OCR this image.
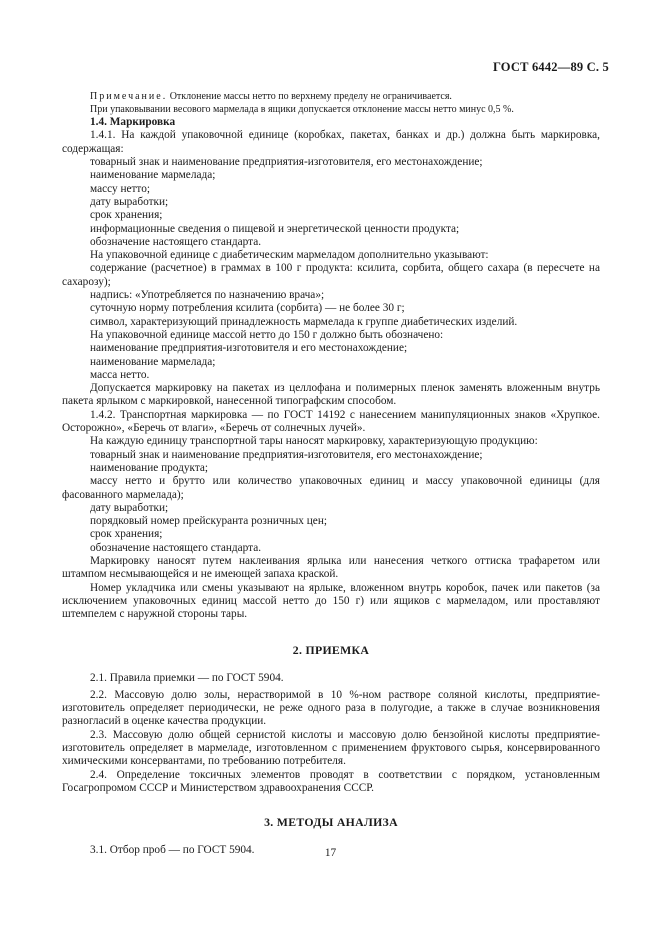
ГОСТ 6442—89 С. 5

Примечание. Отклонение массы нетто по верхнему пределу не ограничивается.

При упаковывании весового мармелада в ящики допускается отклонение массы нетто минус 0,5 %.

1.4. Маркировка

1.4.1. На каждой упаковочной единице (коробках, пакетах, банках и др.) должна быть маркировка, содержащая:

товарный знак и наименование предприятия-изготовителя, его местонахождение;

наименование мармелада;

массу нетто;

дату выработки;

срок хранения;

информационные сведения о пищевой и энергетической ценности продукта;

обозначение настоящего стандарта.

На упаковочной единице с диабетическим мармеладом дополнительно указывают:

содержание (расчетное) в граммах в 100 г продукта: ксилита, сорбита, общего сахара (в пересчете на сахарозу);

надпись: «Употребляется по назначению врача»;

суточную норму потребления ксилита (сорбита) — не более 30 г;

символ, характеризующий принадлежность мармелада к группе диабетических изделий.

На упаковочной единице массой нетто до 150 г должно быть обозначено:

наименование предприятия-изготовителя и его местонахождение;

наименование мармелада;

масса нетто.

Допускается маркировку на пакетах из целлофана и полимерных пленок заменять вложенным внутрь пакета ярлыком с маркировкой, нанесенной типографским способом.

1.4.2. Транспортная маркировка — по ГОСТ 14192 с нанесением манипуляционных знаков «Хрупкое. Осторожно», «Беречь от влаги», «Беречь от солнечных лучей».

На каждую единицу транспортной тары наносят маркировку, характеризующую продукцию:

товарный знак и наименование предприятия-изготовителя, его местонахождение;

наименование продукта;

массу нетто и брутто или количество упаковочных единиц и массу упаковочной единицы (для фасованного мармелада);

дату выработки;

порядковый номер прейскуранта розничных цен;

срок хранения;

обозначение настоящего стандарта.

Маркировку наносят путем наклеивания ярлыка или нанесения четкого оттиска трафаретом или штампом несмывающейся и не имеющей запаха краской.

Номер укладчика или смены указывают на ярлыке, вложенном внутрь коробок, пачек или пакетов (за исключением упаковочных единиц массой нетто до 150 г) или ящиков с мармеладом, или проставляют штемпелем с наружной стороны тары.

2. ПРИЕМКА

2.1. Правила приемки — по ГОСТ 5904.

2.2. Массовую долю золы, нерастворимой в 10 %-ном растворе соляной кислоты, предприятие-изготовитель определяет периодически, не реже одного раза в полугодие, а также в случае возникновения разногласий в оценке качества продукции.

2.3. Массовую долю общей сернистой кислоты и массовую долю бензойной кислоты предприятие-изготовитель определяет в мармеладе, изготовленном с применением фруктового сырья, консервированного химическими консервантами, по требованию потребителя.

2.4. Определение токсичных элементов проводят в соответствии с порядком, установленным Госагропромом СССР и Министерством здравоохранения СССР.

3. МЕТОДЫ АНАЛИЗА

3.1. Отбор проб — по ГОСТ 5904.	17
